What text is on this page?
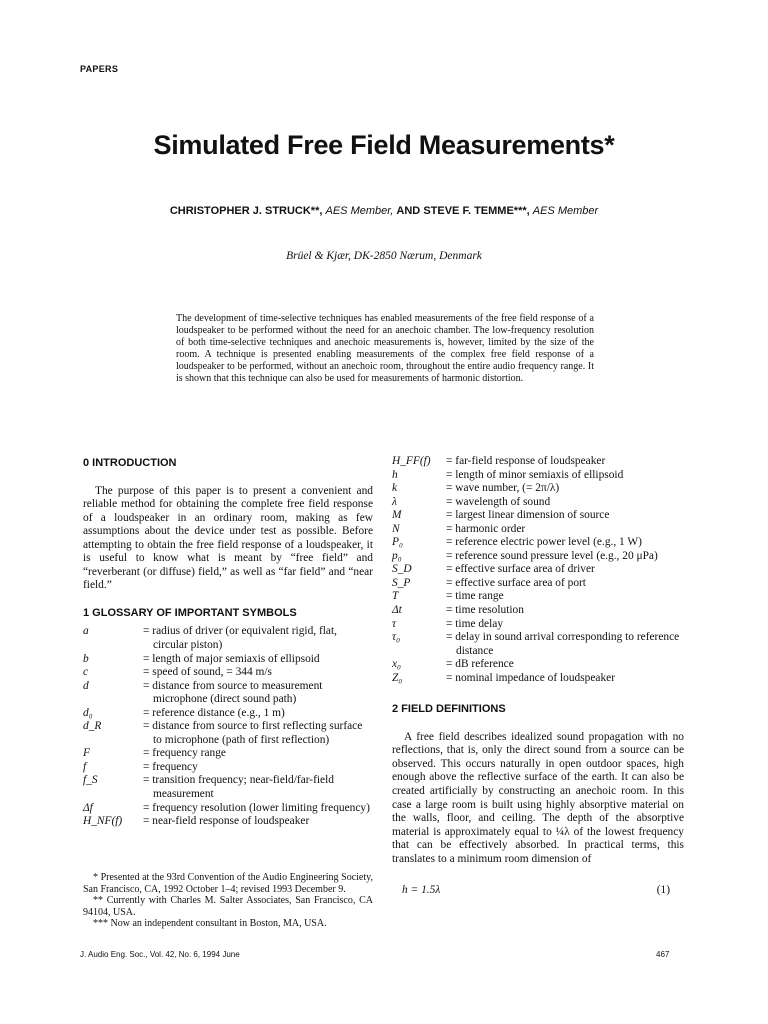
PAPERS
Simulated Free Field Measurements*
CHRISTOPHER J. STRUCK**, AES Member, AND STEVE F. TEMME***, AES Member
Brüel & Kjær, DK-2850 Nærum, Denmark
The development of time-selective techniques has enabled measurements of the free field response of a loudspeaker to be performed without the need for an anechoic chamber. The low-frequency resolution of both time-selective techniques and anechoic measurements is, however, limited by the size of the room. A technique is presented enabling measurements of the complex free field response of a loudspeaker to be performed, without an anechoic room, throughout the entire audio frequency range. It is shown that this technique can also be used for measurements of harmonic distortion.

0 INTRODUCTION

The purpose of this paper is to present a convenient and reliable method for obtaining the complete free field response of a loudspeaker in an ordinary room, making as few assumptions about the device under test as possible. Before attempting to obtain the free field response of a loudspeaker, it is useful to know what is meant by “free field” and “reverberant (or diffuse) field,” as well as “far field” and “near field.”

1 GLOSSARY OF IMPORTANT SYMBOLS

a	= radius of driver (or equivalent rigid, flat, circular piston)
b	= length of major semiaxis of ellipsoid
c	= speed of sound, = 344 m/s
d	= distance from source to measurement microphone (direct sound path)
d₀	= reference distance (e.g., 1 m)
d_R	= distance from source to first reflecting surface to microphone (path of first reflection)
F	= frequency range
f	= frequency
f_S	= transition frequency; near-field/far-field measurement
Δf	= frequency resolution (lower limiting frequency)
H_NF(f)	= near-field response of loudspeaker
H_FF(f)	= far-field response of loudspeaker
h	= length of minor semiaxis of ellipsoid
k	= wave number, (= 2π/λ)
λ	= wavelength of sound
M	= largest linear dimension of source
N	= harmonic order
P₀	= reference electric power level (e.g., 1 W)
p₀	= reference sound pressure level (e.g., 20 μPa)
S_D	= effective surface area of driver
S_P	= effective surface area of port
T	= time range
Δt	= time resolution
τ	= time delay
τ₀	= delay in sound arrival corresponding to reference distance
x₀	= dB reference
Z₀	= nominal impedance of loudspeaker

2 FIELD DEFINITIONS

A free field describes idealized sound propagation with no reflections, that is, only the direct sound from a source can be observed. This occurs naturally in open outdoor spaces, high enough above the reflective surface of the earth. It can also be created artificially by constructing an anechoic room. In this case a large room is built using highly absorptive material on the walls, floor, and ceiling. The depth of the absorptive material is approximately equal to ¼λ of the lowest frequency that can be effectively absorbed. In practical terms, this translates to a minimum room dimension of

h = 1.5λ	(1)

* Presented at the 93rd Convention of the Audio Engineering Society, San Francisco, CA, 1992 October 1–4; revised 1993 December 9.

** Currently with Charles M. Salter Associates, San Francisco, CA 94104, USA.

*** Now an independent consultant in Boston, MA, USA.

J. Audio Eng. Soc., Vol. 42, No. 6, 1994 June	467
